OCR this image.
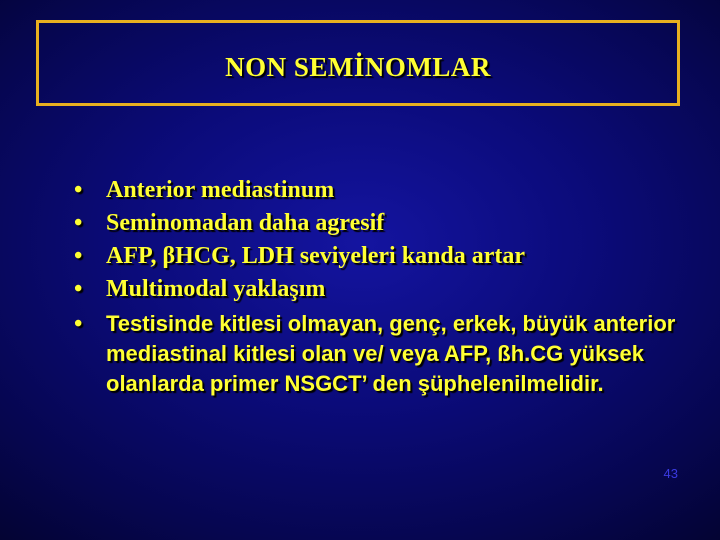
NON SEMİNOMLAR
• Anterior mediastinum
• Seminomadan daha agresif
• AFP, βHCG, LDH seviyeleri kanda artar
• Multimodal yaklaşım
• Testisinde kitlesi olmayan, genç, erkek, büyük anterior mediastinal kitlesi olan ve/ veya AFP, ßh.CG yüksek olanlarda primer NSGCT’ den şüphelenilmelidir.
43
